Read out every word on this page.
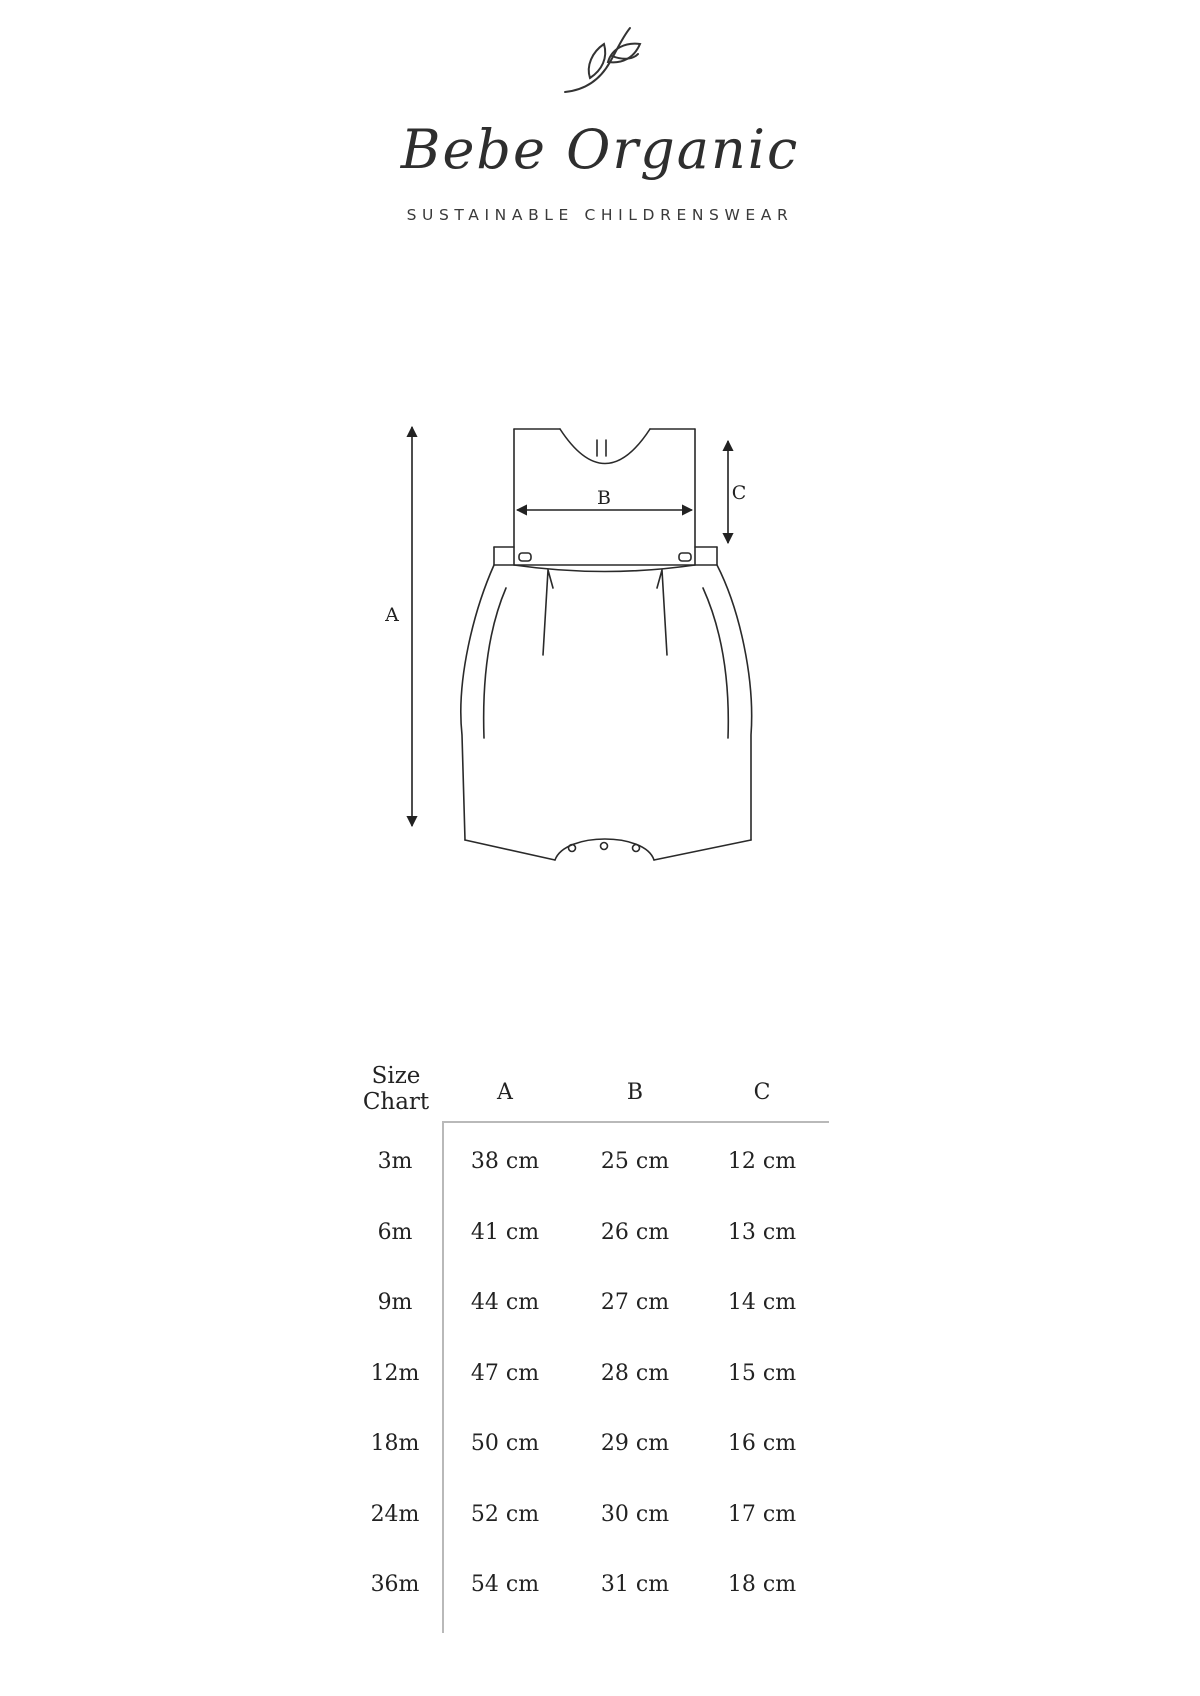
Bebe Organic
SUSTAINABLE CHILDRENSWEAR
A
B	C
Size
Chart	A	B	C
3m	38 cm	25 cm	12 cm
6m	41 cm	26 cm	13 cm
9m	44 cm	27 cm	14 cm
12m	47 cm	28 cm	15 cm
18m	50 cm	29 cm	16 cm
24m	52 cm	30 cm	17 cm
36m	54 cm	31 cm	18 cm
